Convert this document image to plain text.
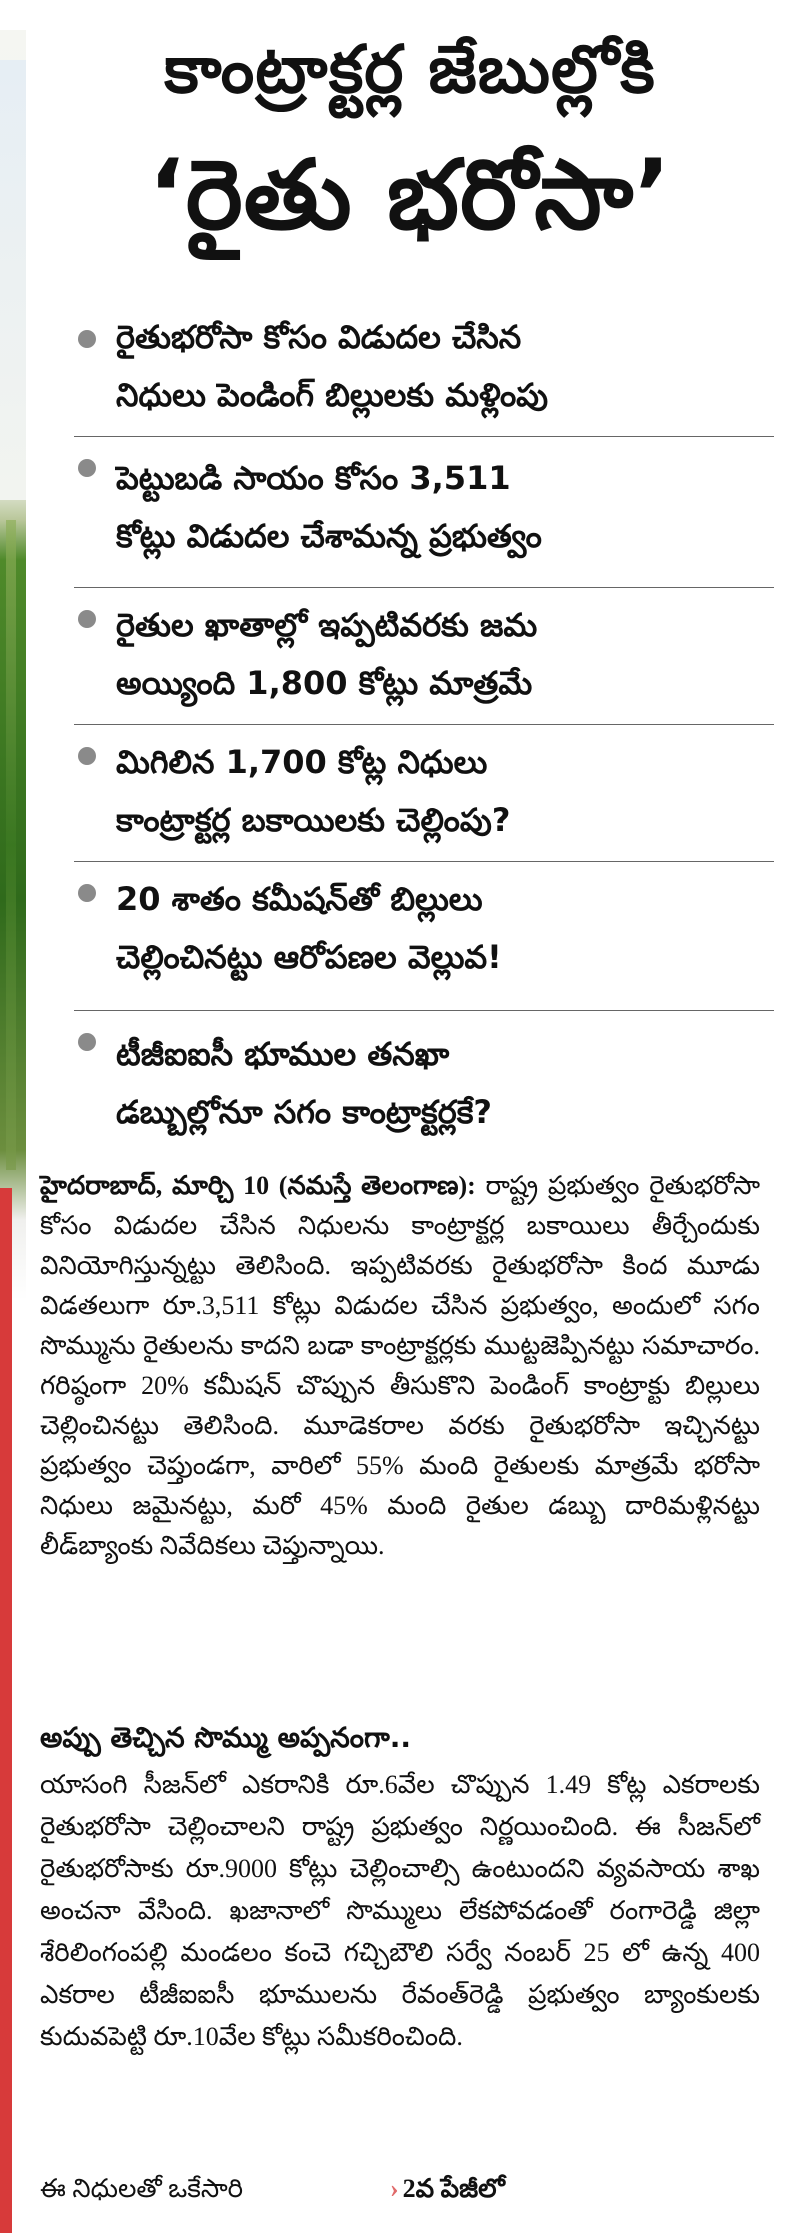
కాంట్రాక్టర్ల జేబుల్లోకి
‘రైతు భరోసా’
రైతుభరోసా కోసం విడుదల చేసిన
నిధులు పెండింగ్ బిల్లులకు మళ్లింపు
పెట్టుబడి సాయం కోసం 3,511
కోట్లు విడుదల చేశామన్న ప్రభుత్వం
రైతుల ఖాతాల్లో ఇప్పటివరకు జమ
అయ్యింది 1,800 కోట్లు మాత్రమే
మిగిలిన 1,700 కోట్ల నిధులు
కాంట్రాక్టర్ల బకాయిలకు చెల్లింపు?
20 శాతం కమీషన్‌తో బిల్లులు
చెల్లించినట్టు ఆరోపణల వెల్లువ!
టీజీఐఐసీ భూముల తనఖా
డబ్బుల్లోనూ సగం కాంట్రాక్టర్లకే?
హైదరాబాద్, మార్చి 10 (నమస్తే తెలంగాణ): రాష్ట్ర ప్రభుత్వం రైతుభరోసా కోసం విడుదల చేసిన నిధులను కాంట్రాక్టర్ల బకాయిలు తీర్చేందుకు వినియోగిస్తున్నట్టు తెలిసింది. ఇప్పటివరకు రైతుభరోసా కింద మూడు విడతలుగా రూ.3,511 కోట్లు విడుదల చేసిన ప్రభుత్వం, అందులో సగం సొమ్మును రైతులను కాదని బడా కాంట్రాక్టర్లకు ముట్టజెప్పినట్టు సమాచారం. గరిష్ఠంగా 20% కమీషన్ చొప్పున తీసుకొని పెండింగ్ కాంట్రాక్టు బిల్లులు చెల్లించినట్టు తెలిసింది. మూడెకరాల వరకు రైతుభరోసా ఇచ్చినట్టు ప్రభుత్వం చెప్తుండగా, వారిలో 55% మంది రైతులకు మాత్రమే భరోసా నిధులు జమైనట్టు, మరో 45% మంది రైతుల డబ్బు దారిమళ్లినట్టు లీడ్‌బ్యాంకు నివేదికలు చెప్తున్నాయి.
అప్పు తెచ్చిన సొమ్ము అప్పనంగా..
యాసంగి సీజన్‌లో ఎకరానికి రూ.6వేల చొప్పున 1.49 కోట్ల ఎకరాలకు రైతుభరోసా చెల్లించాలని రాష్ట్ర ప్రభుత్వం నిర్ణయించింది. ఈ సీజన్‌లో రైతుభరోసాకు రూ.9000 కోట్లు చెల్లించాల్సి ఉంటుందని వ్యవసాయ శాఖ అంచనా వేసింది. ఖజానాలో సొమ్ములు లేకపోవడంతో రంగారెడ్డి జిల్లా శేరిలింగంపల్లి మండలం కంచె గచ్చిబౌలి సర్వే నంబర్ 25 లో ఉన్న 400 ఎకరాల టీజీఐఐసీ భూములను రేవంత్‌రెడ్డి ప్రభుత్వం బ్యాంకులకు కుదువపెట్టి రూ.10వేల కోట్లు సమీకరించింది.
ఈ నిధులతో ఒకేసారి	› 2వ పేజీలో
